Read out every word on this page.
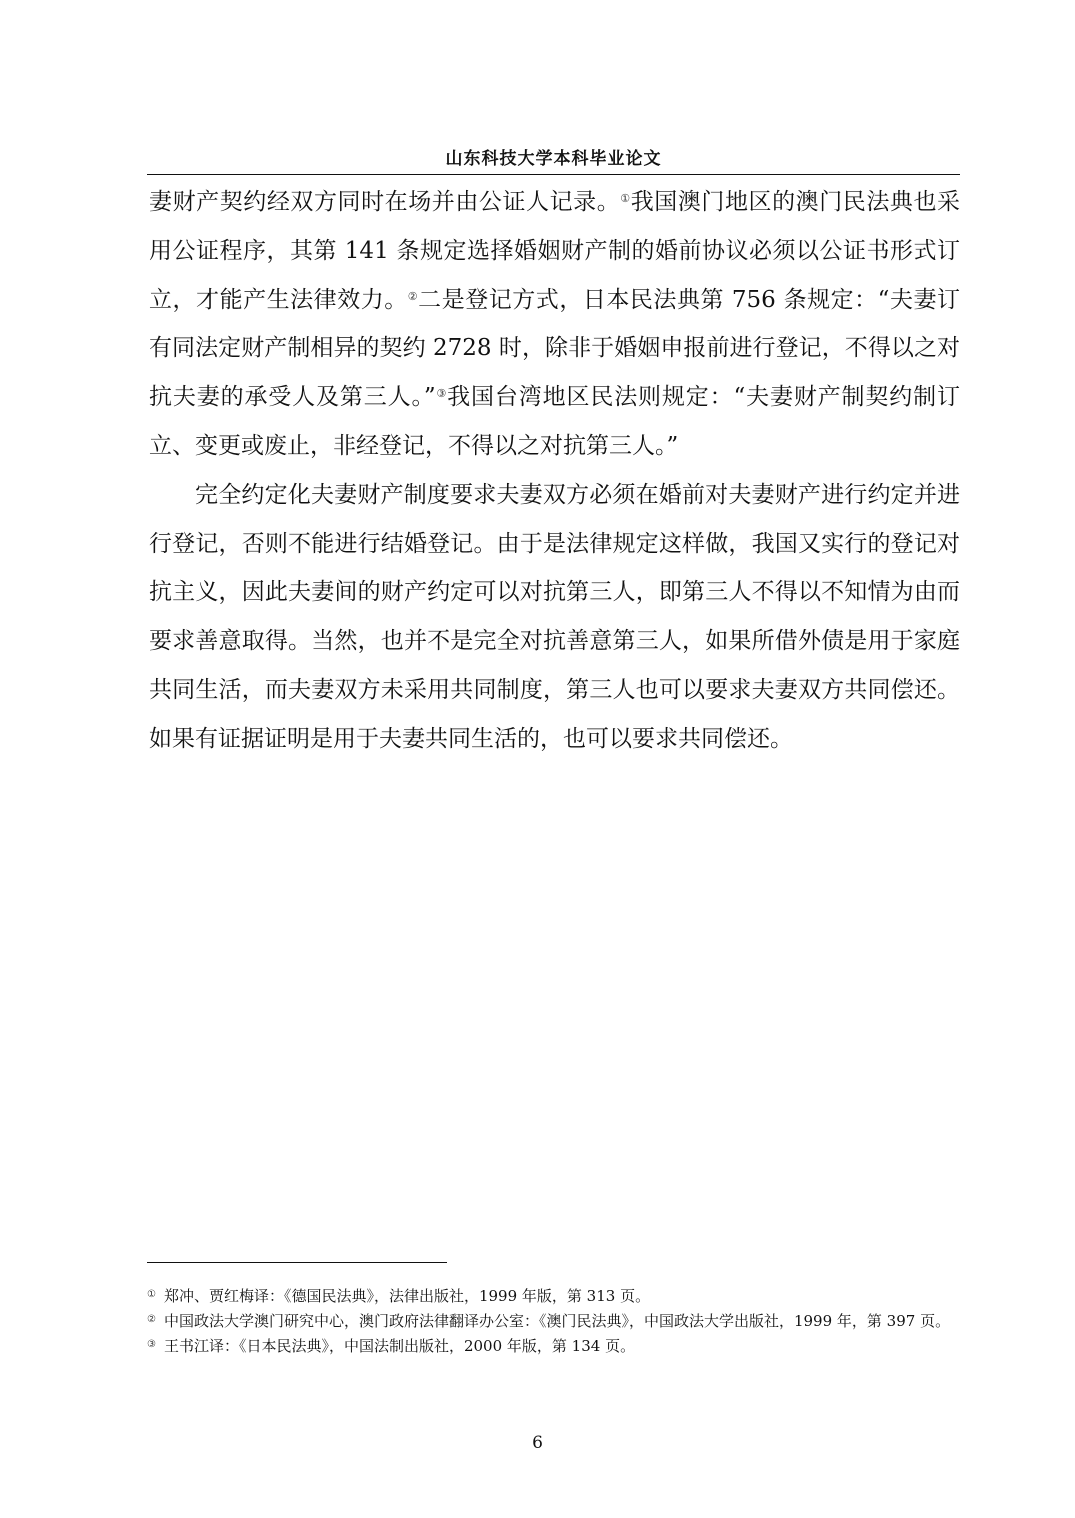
山东科技大学本科毕业论文

妻财产契约经双方同时在场并由公证人记录。①我国澳门地区的澳门民法典也采用公证程序，其第 141 条规定选择婚姻财产制的婚前协议必须以公证书形式订立，才能产生法律效力。②二是登记方式，日本民法典第 756 条规定：“夫妻订有同法定财产制相异的契约 2728 时，除非于婚姻申报前进行登记，不得以之对抗夫妻的承受人及第三人。”③我国台湾地区民法则规定：“夫妻财产制契约制订立、变更或废止，非经登记，不得以之对抗第三人。”

完全约定化夫妻财产制度要求夫妻双方必须在婚前对夫妻财产进行约定并进行登记，否则不能进行结婚登记。由于是法律规定这样做，我国又实行的登记对抗主义，因此夫妻间的财产约定可以对抗第三人，即第三人不得以不知情为由而要求善意取得。当然，也并不是完全对抗善意第三人，如果所借外债是用于家庭共同生活，而夫妻双方未采用共同制度，第三人也可以要求夫妻双方共同偿还。如果有证据证明是用于夫妻共同生活的，也可以要求共同偿还。

① 郑冲、贾红梅译：《德国民法典》，法律出版社，1999 年版，第 313 页。

② 中国政法大学澳门研究中心，澳门政府法律翻译办公室：《澳门民法典》，中国政法大学出版社，1999 年，第 397 页。

③ 王书江译：《日本民法典》，中国法制出版社，2000 年版，第 134 页。

6
